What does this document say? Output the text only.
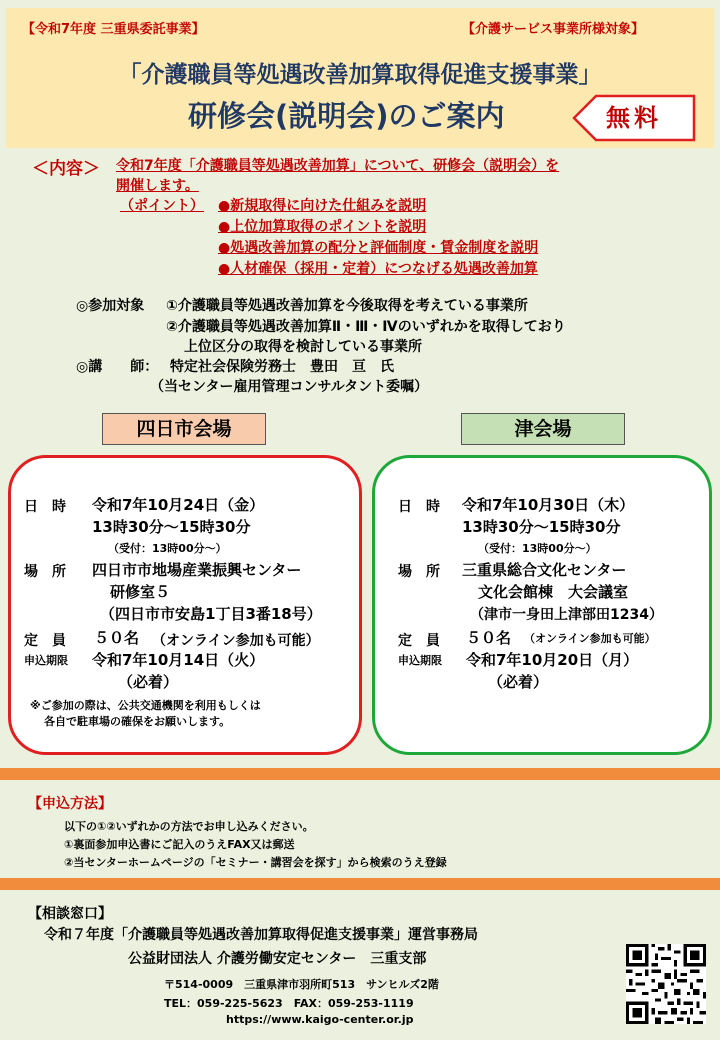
【令和7年度 三重県委託事業】	【介護サービス事業所様対象】
「介護職員等処遇改善加算取得促進支援事業」
研修会(説明会)のご案内	無料
＜内容＞ 令和7年度「介護職員等処遇改善加算」について、研修会（説明会）を
開催します。
（ポイント） ●新規取得に向けた仕組みを説明
●上位加算取得のポイントを説明
●処遇改善加算の配分と評価制度・賃金制度を説明
●人材確保（採用・定着）につなげる処遇改善加算
◎参加対象 ①介護職員等処遇改善加算を今後取得を考えている事業所
②介護職員等処遇改善加算Ⅱ・Ⅲ・Ⅳのいずれかを取得しており
上位区分の取得を検討している事業所
◎講　　師： 特定社会保険労務士　豊田　亘　氏
（当センター雇用管理コンサルタント委嘱）
四日市会場	津会場
日　時 令和7年10月24日（金）
13時30分～15時30分
（受付：13時00分～）
場　所 四日市市地場産業振興センター
研修室５
（四日市市安島1丁目3番18号）
定　員 ５０名 （オンライン参加も可能）
申込期限 令和7年10月14日（火）
（必着）
※ご参加の際は、公共交通機関を利用もしくは
各自で駐車場の確保をお願いします。
日　時 令和7年10月30日（木）
13時30分～15時30分
（受付：13時00分～）
場　所 三重県総合文化センター
文化会館棟　大会議室
（津市一身田上津部田1234）
定　員 ５０名 （オンライン参加も可能）
申込期限 令和7年10月20日（月）
（必着）
【申込方法】
以下の①②いずれかの方法でお申し込みください。
①裏面参加申込書にご記入のうえFAX又は郵送
②当センターホームページの「セミナー・講習会を探す」から検索のうえ登録
【相談窓口】
令和７年度「介護職員等処遇改善加算取得促進支援事業」運営事務局
公益財団法人 介護労働安定センター　三重支部
〒514-0009　三重県津市羽所町513　サンヒルズ2階
TEL：059-225-5623　FAX：059-253-1119
https://www.kaigo-center.or.jp
